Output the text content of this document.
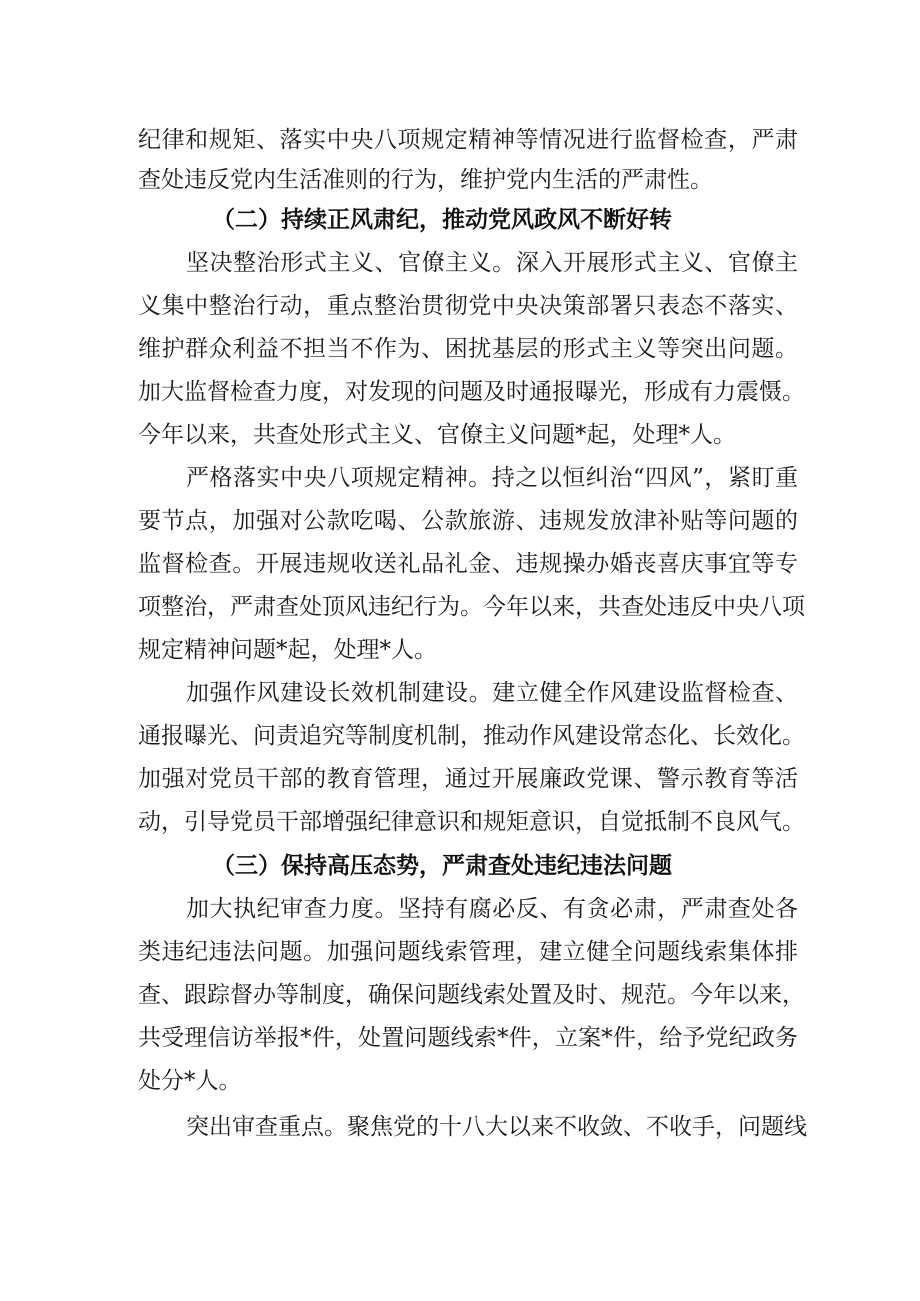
纪律和规矩、落实中央八项规定精神等情况进行监督检查，严肃
查处违反党内生活准则的行为，维护党内生活的严肃性。
（二）持续正风肃纪，推动党风政风不断好转
坚决整治形式主义、官僚主义。深入开展形式主义、官僚主
义集中整治行动，重点整治贯彻党中央决策部署只表态不落实、
维护群众利益不担当不作为、困扰基层的形式主义等突出问题。
加大监督检查力度，对发现的问题及时通报曝光，形成有力震慑。
今年以来，共查处形式主义、官僚主义问题*起，处理*人。
严格落实中央八项规定精神。持之以恒纠治“四风”，紧盯重
要节点，加强对公款吃喝、公款旅游、违规发放津补贴等问题的
监督检查。开展违规收送礼品礼金、违规操办婚丧喜庆事宜等专
项整治，严肃查处顶风违纪行为。今年以来，共查处违反中央八项
规定精神问题*起，处理*人。
加强作风建设长效机制建设。建立健全作风建设监督检查、
通报曝光、问责追究等制度机制，推动作风建设常态化、长效化。
加强对党员干部的教育管理，通过开展廉政党课、警示教育等活
动，引导党员干部增强纪律意识和规矩意识，自觉抵制不良风气。
（三）保持高压态势，严肃查处违纪违法问题
加大执纪审查力度。坚持有腐必反、有贪必肃，严肃查处各
类违纪违法问题。加强问题线索管理，建立健全问题线索集体排
查、跟踪督办等制度，确保问题线索处置及时、规范。今年以来，
共受理信访举报*件，处置问题线索*件，立案*件，给予党纪政务
处分*人。
突出审查重点。聚焦党的十八大以来不收敛、不收手，问题线
